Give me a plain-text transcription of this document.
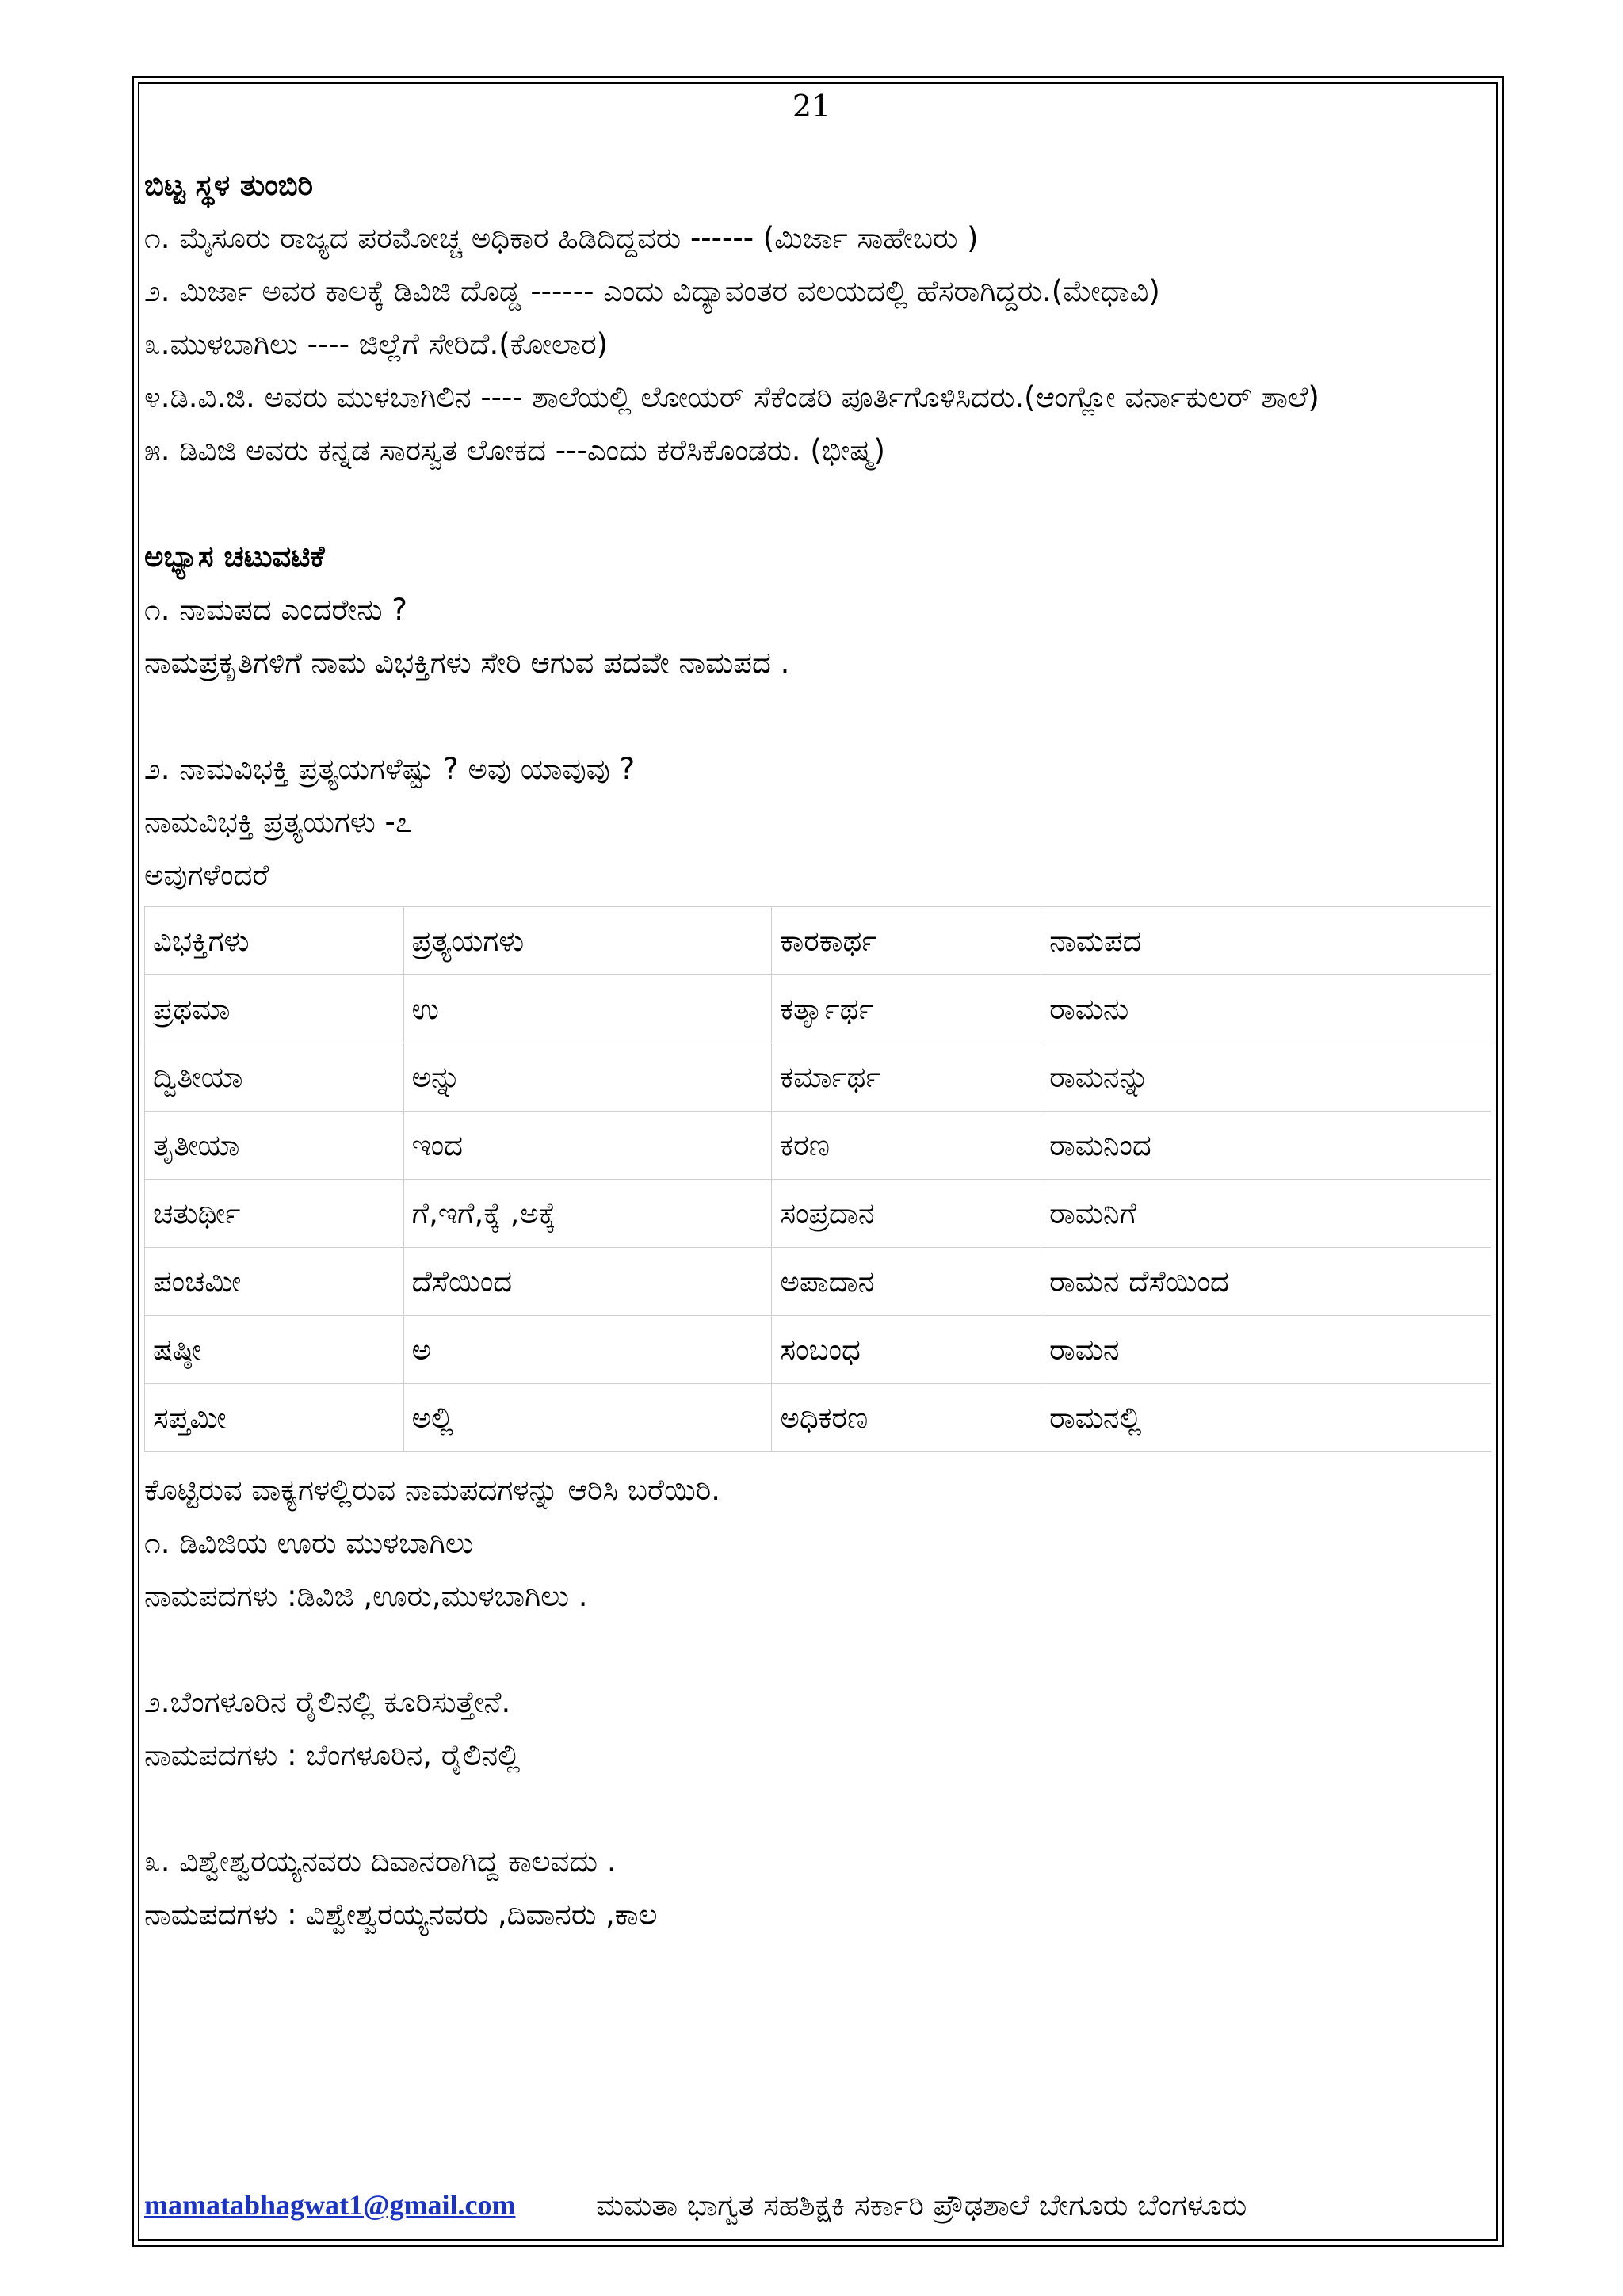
21
ಬಿಟ್ಟ ಸ್ಥಳ ತುಂಬಿರಿ
೧. ಮೈಸೂರು ರಾಜ್ಯದ ಪರಮೋಚ್ಚ ಅಧಿಕಾರ ಹಿಡಿದಿದ್ದವರು ------ (ಮಿರ್ಜಾ ಸಾಹೇಬರು )
೨. ಮಿರ್ಜಾ ಅವರ ಕಾಲಕ್ಕೆ ಡಿವಿಜಿ ದೊಡ್ಡ ------ ಎಂದು ವಿದ್ಯಾವಂತರ ವಲಯದಲ್ಲಿ ಹೆಸರಾಗಿದ್ದರು.(ಮೇಧಾವಿ)
೩.ಮುಳಬಾಗಿಲು ---- ಜಿಲ್ಲೆಗೆ ಸೇರಿದೆ.(ಕೋಲಾರ)
೪.ಡಿ.ವಿ.ಜಿ. ಅವರು ಮುಳಬಾಗಿಲಿನ ---- ಶಾಲೆಯಲ್ಲಿ ಲೋಯರ್ ಸೆಕೆಂಡರಿ ಪೂರ್ತಿಗೊಳಿಸಿದರು.(ಆಂಗ್ಲೋ ವರ್ನಾಕುಲರ್ ಶಾಲೆ)
೫. ಡಿವಿಜಿ ಅವರು ಕನ್ನಡ ಸಾರಸ್ವತ ಲೋಕದ ---ಎಂದು ಕರೆಸಿಕೊಂಡರು. (ಭೀಷ್ಮ)
ಅಭ್ಯಾಸ ಚಟುವಟಿಕೆ
೧. ನಾಮಪದ ಎಂದರೇನು ?
ನಾಮಪ್ರಕೃತಿಗಳಿಗೆ ನಾಮ ವಿಭಕ್ತಿಗಳು ಸೇರಿ ಆಗುವ ಪದವೇ ನಾಮಪದ .
೨. ನಾಮವಿಭಕ್ತಿ ಪ್ರತ್ಯಯಗಳೆಷ್ಟು ? ಅವು ಯಾವುವು ?
ನಾಮವಿಭಕ್ತಿ ಪ್ರತ್ಯಯಗಳು -೭
ಅವುಗಳೆಂದರೆ
ವಿಭಕ್ತಿಗಳು	ಪ್ರತ್ಯಯಗಳು	ಕಾರಕಾರ್ಥ	ನಾಮಪದ
ಪ್ರಥಮಾ	ಉ	ಕರ್ತೃಾರ್ಥ	ರಾಮನು
ದ್ವಿತೀಯಾ	ಅನ್ನು	ಕರ್ಮಾರ್ಥ	ರಾಮನನ್ನು
ತೃತೀಯಾ	ಇಂದ	ಕರಣ	ರಾಮನಿಂದ
ಚತುರ್ಥೀ	ಗೆ,ಇಗೆ,ಕ್ಕೆ ,ಅಕ್ಕೆ	ಸಂಪ್ರದಾನ	ರಾಮನಿಗೆ
ಪಂಚಮೀ	ದೆಸೆಯಿಂದ	ಅಪಾದಾನ	ರಾಮನ ದೆಸೆಯಿಂದ
ಷಷ್ಠೀ	ಅ	ಸಂಬಂಧ	ರಾಮನ
ಸಪ್ತಮೀ	ಅಲ್ಲಿ	ಅಧಿಕರಣ	ರಾಮನಲ್ಲಿ
ಕೊಟ್ಟಿರುವ ವಾಕ್ಯಗಳಲ್ಲಿರುವ ನಾಮಪದಗಳನ್ನು ಆರಿಸಿ ಬರೆಯಿರಿ.
೧. ಡಿವಿಜಿಯ ಊರು ಮುಳಬಾಗಿಲು
ನಾಮಪದಗಳು :ಡಿವಿಜಿ ,ಊರು,ಮುಳಬಾಗಿಲು .
೨.ಬೆಂಗಳೂರಿನ ರೈಲಿನಲ್ಲಿ ಕೂರಿಸುತ್ತೇನೆ.
ನಾಮಪದಗಳು : ಬೆಂಗಳೂರಿನ, ರೈಲಿನಲ್ಲಿ
೩. ವಿಶ್ವೇಶ್ವರಯ್ಯನವರು ದಿವಾನರಾಗಿದ್ದ ಕಾಲವದು .
ನಾಮಪದಗಳು : ವಿಶ್ವೇಶ್ವರಯ್ಯನವರು ,ದಿವಾನರು ,ಕಾಲ
mamatabhagwat1@gmail.com	ಮಮತಾ ಭಾಗ್ವತ ಸಹಶಿಕ್ಷಕಿ ಸರ್ಕಾರಿ ಪ್ರೌಢಶಾಲೆ ಬೇಗೂರು ಬೆಂಗಳೂರು
